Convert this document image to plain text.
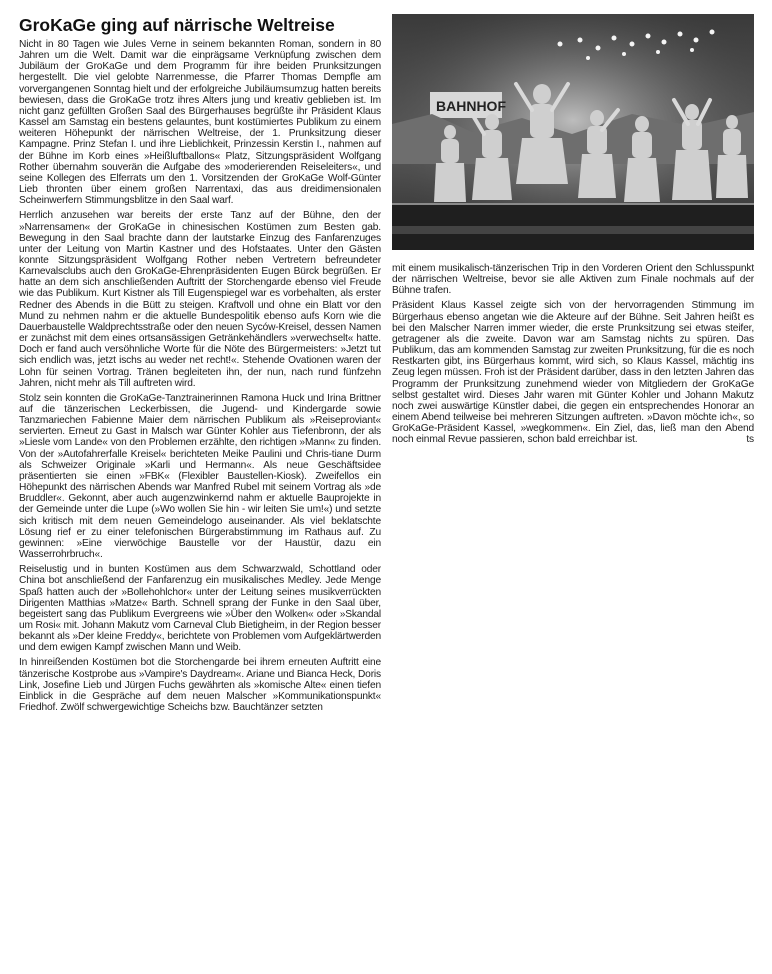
GroKaGe ging auf närrische Weltreise

Nicht in 80 Tagen wie Jules Verne in seinem bekannten Roman, sondern in 80 Jahren um die Welt. Damit war die einprägsame Verknüpfung zwischen dem Jubiläum der GroKaGe und dem Programm für ihre beiden Prunksitzungen hergestellt. Die viel gelobte Narrenmesse, die Pfarrer Thomas Dempfle am vorvergangenen Sonntag hielt und der erfolgreiche Jubiläumsumzug hatten bereits bewiesen, dass die GroKaGe trotz ihres Alters jung und kreativ geblieben ist. Im nicht ganz gefüllten Großen Saal des Bürgerhauses begrüßte ihr Präsident Klaus Kassel am Samstag ein bestens gelauntes, bunt kostümiertes Publikum zu einem weiteren Höhepunkt der närrischen Weltreise, der 1. Prunksitzung dieser Kampagne. Prinz Stefan I. und ihre Lieblichkeit, Prinzessin Kerstin I., nahmen auf der Bühne im Korb eines »Heißluftballons« Platz, Sitzungspräsident Wolfgang Rother übernahm souverän die Aufgabe des »moderierenden Reiseleiters«, und seine Kollegen des Elferrats um den 1. Vorsitzenden der GroKaGe Wolf-Günter Lieb thronten über einem großen Narrentaxi, das aus dreidimensionalen Scheinwerfern Stimmungsblitze in den Saal warf.

Herrlich anzusehen war bereits der erste Tanz auf der Bühne, den der »Narrensamen« der GroKaGe in chinesischen Kostümen zum Besten gab. Bewegung in den Saal brachte dann der lautstarke Einzug des Fanfarenzuges unter der Leitung von Martin Kastner und des Hofstaates. Unter den Gästen konnte Sitzungspräsident Wolfgang Rother neben Vertretern befreundeter Karnevalsclubs auch den GroKaGe-Ehrenpräsidenten Eugen Bürck begrüßen. Er hatte an dem sich anschließenden Auftritt der Storchengarde ebenso viel Freude wie das Publikum. Kurt Kistner als Till Eugenspiegel war es vorbehalten, als erster Redner des Abends in die Bütt zu steigen. Kraftvoll und ohne ein Blatt vor den Mund zu nehmen nahm er die aktuelle Bundespolitik ebenso aufs Korn wie die Dauerbaustelle Waldprechtsstraße oder den neuen Syców-Kreisel, dessen Namen er zunächst mit dem eines ortsansässigen Getränkehändlers »verwechselt« hatte. Doch er fand auch versöhnliche Worte für die Nöte des Bürgermeisters: »Jetzt tut sich endlich was, jetzt ischs au weder net recht!«. Stehende Ovationen waren der Lohn für seinen Vortrag. Tränen begleiteten ihn, der nun, nach rund fünfzehn Jahren, nicht mehr als Till auftreten wird.

Stolz sein konnten die GroKaGe-Tanztrainerinnen Ramona Huck und Irina Brittner auf die tänzerischen Leckerbissen, die Jugend- und Kindergarde sowie Tanzmariechen Fabienne Maier dem närrischen Publikum als »Reiseproviant« servierten. Erneut zu Gast in Malsch war Günter Kohler aus Tiefenbronn, der als »Liesle vom Lande« von den Problemen erzählte, den richtigen »Mann« zu finden. Von der »Autofahrerfalle Kreisel« berichteten Meike Paulini und Chris-tiane Durm als Schweizer Originale »Karli und Hermann«. Als neue Geschäftsidee präsentierten sie einen »FBK« (Flexibler Baustellen-Kiosk). Zweifellos ein Höhepunkt des närrischen Abends war Manfred Rubel mit seinem Vortrag als »de Bruddler«. Gekonnt, aber auch augenzwinkernd nahm er aktuelle Bauprojekte in der Gemeinde unter die Lupe (»Wo wollen Sie hin - wir leiten Sie um!«) und setzte sich kritisch mit dem neuen Gemeindelogo auseinander. Als viel beklatschte Lösung rief er zu einer telefonischen Bürgerabstimmung im Rathaus auf. Zu gewinnen: »Eine vierwöchige Baustelle vor der Haustür, dazu ein Wasserrohrbruch«.

Reiselustig und in bunten Kostümen aus dem Schwarzwald, Schottland oder China bot anschließend der Fanfarenzug ein musikalisches Medley. Jede Menge Spaß hatten auch der »Bollehohlchor« unter der Leitung seines musikverrückten Dirigenten Matthias »Matze« Barth. Schnell sprang der Funke in den Saal über, begeistert sang das Publikum Evergreens wie »Über den Wolken« oder »Skandal um Rosi« mit. Johann Makutz vom Carneval Club Bietigheim, in der Region besser bekannt als »Der kleine Freddy«, berichtete von Problemen vom Aufgeklärtwerden und dem ewigen Kampf zwischen Mann und Weib.

In hinreißenden Kostümen bot die Storchengarde bei ihrem erneuten Auftritt eine tänzerische Kostprobe aus »Vampire's Daydream«. Ariane und Bianca Heck, Doris Link, Josefine Lieb und Jürgen Fuchs gewährten als »komische Alte« einen tiefen Einblick in die Gespräche auf dem neuen Malscher »Kommunikationspunkt« Friedhof. Zwölf schwergewichtige Scheichs bzw. Bauchtänzer setzten

BAHNHOF

mit einem musikalisch-tänzerischen Trip in den Vorderen Orient den Schlusspunkt der närrischen Weltreise, bevor sie alle Aktiven zum Finale nochmals auf der Bühne trafen.

Präsident Klaus Kassel zeigte sich von der hervorragenden Stimmung im Bürgerhaus ebenso angetan wie die Akteure auf der Bühne. Seit Jahren heißt es bei den Malscher Narren immer wieder, die erste Prunksitzung sei etwas steifer, getragener als die zweite. Davon war am Samstag nichts zu spüren. Das Publikum, das am kommenden Samstag zur zweiten Prunksitzung, für die es noch Restkarten gibt, ins Bürgerhaus kommt, wird sich, so Klaus Kassel, mächtig ins Zeug legen müssen. Froh ist der Präsident darüber, dass in den letzten Jahren das Programm der Prunksitzung zunehmend wieder von Mitgliedern der GroKaGe selbst gestaltet wird. Dieses Jahr waren mit Günter Kohler und Johann Makutz noch zwei auswärtige Künstler dabei, die gegen ein entsprechendes Honorar an einem Abend teilweise bei mehreren Sitzungen auftreten. »Davon möchte ich«, so GroKaGe-Präsident Kassel, »wegkommen«. Ein Ziel, das, ließ man den Abend noch einmal Revue passieren, schon bald erreichbar ist.	ts
